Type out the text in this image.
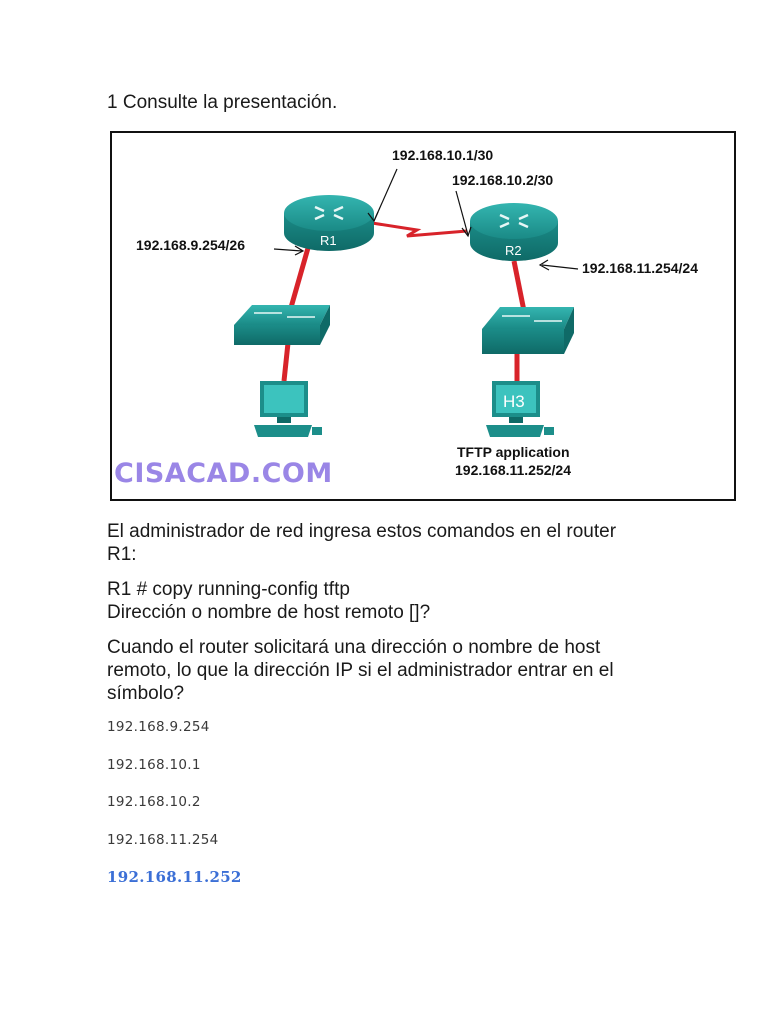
1 Consulte la presentación.

R1
R2
H3
192.168.10.1/30
192.168.10.2/30
192.168.9.254/26
192.168.11.254/24
TFTP application
192.168.11.252/24
CISACAD.COM

El administrador de red ingresa estos comandos en el router

R1:

R1 # copy running-config tftp

Dirección o nombre de host remoto []?

Cuando el router solicitará una dirección o nombre de host

remoto, lo que la dirección IP si el administrador entrar en el

símbolo?

192.168.9.254

192.168.10.1

192.168.10.2

192.168.11.254

192.168.11.252
